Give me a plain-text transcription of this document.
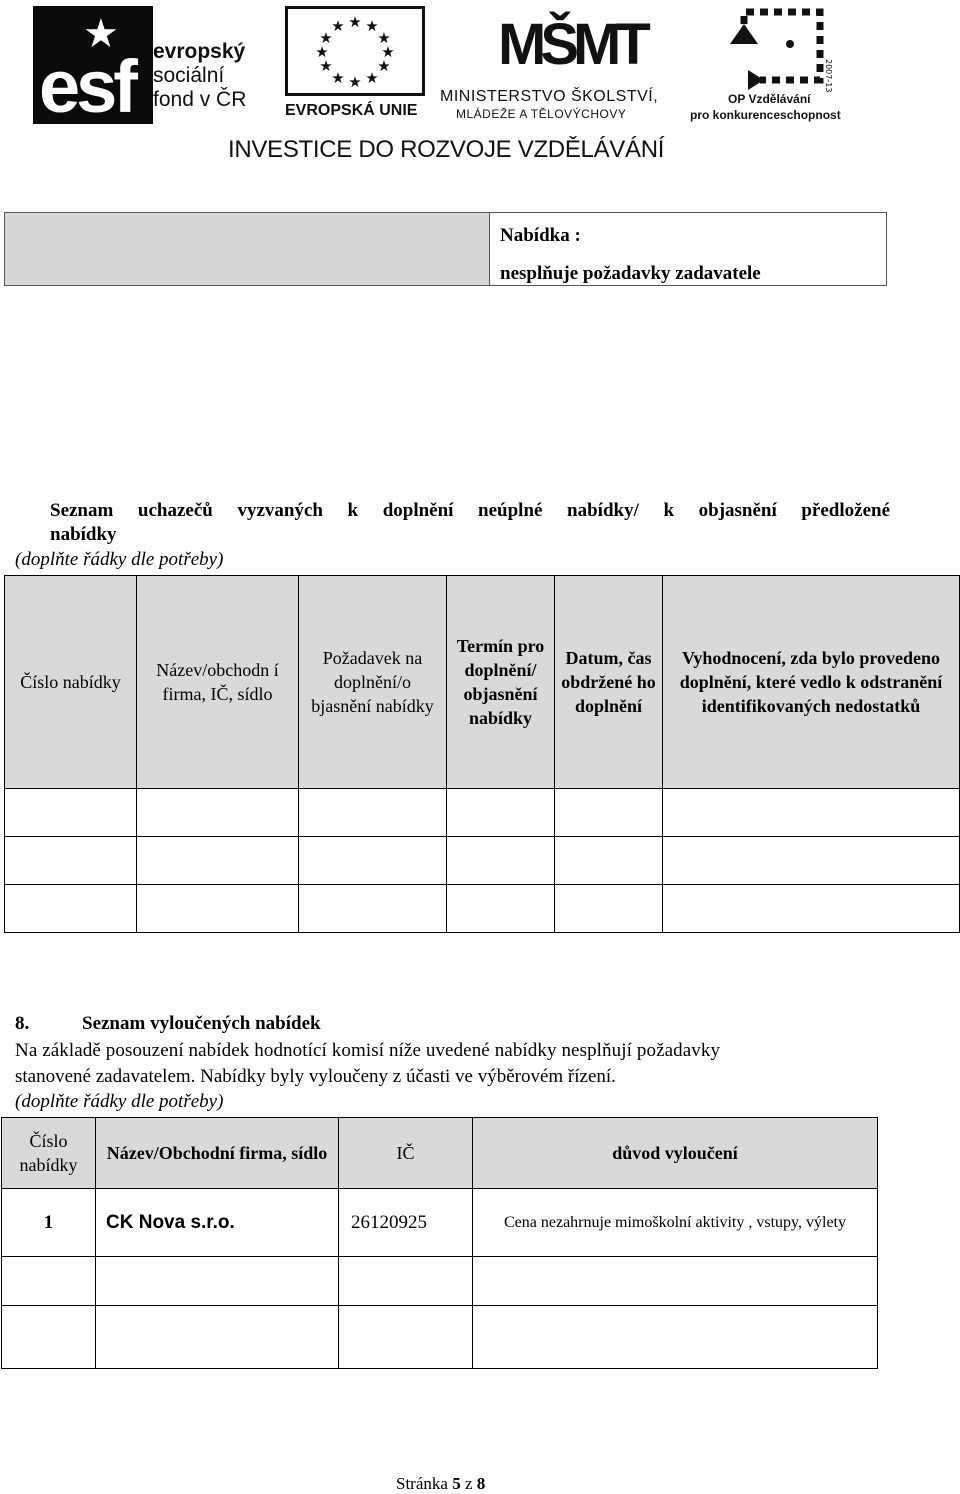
★
esf evropský
sociální
fond v ČR
★ ★
★
★
★
★
★
★
★
★
★
★
EVROPSKÁ UNIE
MŠMT
MINISTERSTVO ŠKOLSTVÍ,
MLÁDEŽE A TĚLOVÝCHOVY
2007-13
OP Vzdělávání
pro konkurenceschopnost
INVESTICE DO ROZVOJE VZDĚLÁVÁNÍ
Nabídka :
nesplňuje požadavky zadavatele
Seznam uchazečů vyzvaných k doplnění neúplné nabídky/ k objasnění předložené
nabídky
(doplňte řádky dle potřeby)
Číslo nabídky	Název/obchodn í firma, IČ, sídlo	Požadavek na doplnění/o bjasnění nabídky	Termín pro doplnění/ objasnění nabídky	Datum, čas obdržené ho doplnění	Vyhodnocení, zda bylo provedeno doplnění, které vedlo k odstranění identifikovaných nedostatků

8.	Seznam vyloučených nabídek
Na základě posouzení nabídek hodnotící komisí níže uvedené nabídky nesplňují požadavky
stanovené zadavatelem. Nabídky byly vyloučeny z účasti ve výběrovém řízení.
(doplňte řádky dle potřeby)
Číslo nabídky	Název/Obchodní firma, sídlo	IČ	důvod vyloučení
1	CK Nova s.r.o.	26120925	Cena nezahrnuje mimoškolní aktivity , vstupy, výlety

Stránka 5 z 8
